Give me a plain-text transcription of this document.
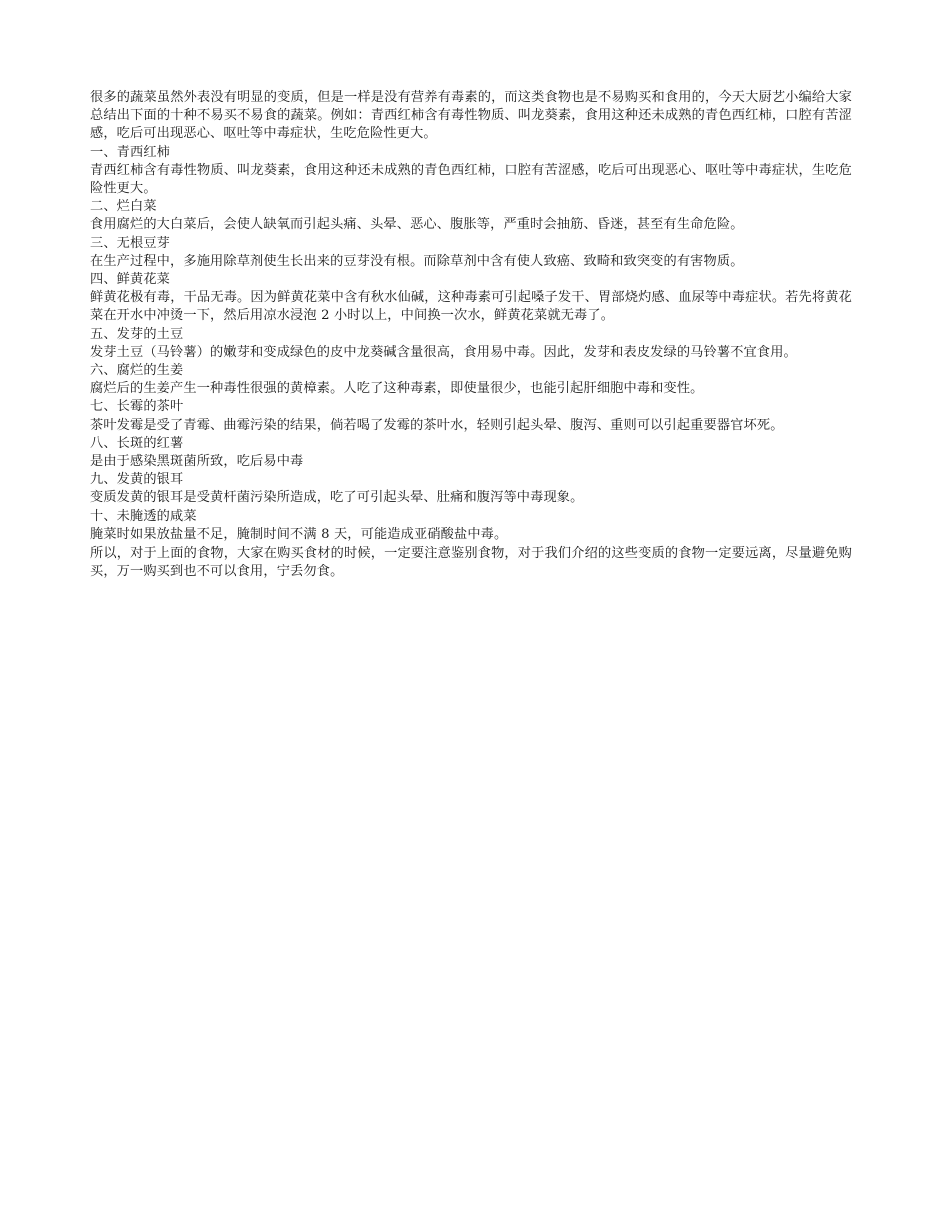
很多的蔬菜虽然外表没有明显的变质，但是一样是没有营养有毒素的，而这类食物也是不易购买和食用的，今天大厨艺小编给大家总结出下面的十种不易买不易食的蔬菜。例如：青西红柿含有毒性物质、叫龙葵素，食用这种还未成熟的青色西红柿，口腔有苦涩感，吃后可出现恶心、呕吐等中毒症状，生吃危险性更大。

一、青西红柿

青西红柿含有毒性物质、叫龙葵素，食用这种还未成熟的青色西红柿，口腔有苦涩感，吃后可出现恶心、呕吐等中毒症状，生吃危险性更大。

二、烂白菜

食用腐烂的大白菜后，会使人缺氧而引起头痛、头晕、恶心、腹胀等，严重时会抽筋、昏迷，甚至有生命危险。

三、无根豆芽

在生产过程中，多施用除草剂使生长出来的豆芽没有根。而除草剂中含有使人致癌、致畸和致突变的有害物质。

四、鲜黄花菜

鲜黄花极有毒，干品无毒。因为鲜黄花菜中含有秋水仙碱，这种毒素可引起嗓子发干、胃部烧灼感、血尿等中毒症状。若先将黄花菜在开水中冲烫一下，然后用凉水浸泡 2 小时以上，中间换一次水，鲜黄花菜就无毒了。

五、发芽的土豆

发芽土豆（马铃薯）的嫩芽和变成绿色的皮中龙葵碱含量很高，食用易中毒。因此，发芽和表皮发绿的马铃薯不宜食用。

六、腐烂的生姜

腐烂后的生姜产生一种毒性很强的黄樟素。人吃了这种毒素，即使量很少，也能引起肝细胞中毒和变性。

七、长霉的茶叶

茶叶发霉是受了青霉、曲霉污染的结果，倘若喝了发霉的茶叶水，轻则引起头晕、腹泻、重则可以引起重要器官坏死。

八、长斑的红薯

是由于感染黑斑菌所致，吃后易中毒

九、发黄的银耳

变质发黄的银耳是受黄杆菌污染所造成，吃了可引起头晕、肚痛和腹泻等中毒现象。

十、未腌透的咸菜

腌菜时如果放盐量不足，腌制时间不满 8 天，可能造成亚硝酸盐中毒。

所以，对于上面的食物，大家在购买食材的时候，一定要注意鉴别食物，对于我们介绍的这些变质的食物一定要远离，尽量避免购买，万一购买到也不可以食用，宁丢勿食。
